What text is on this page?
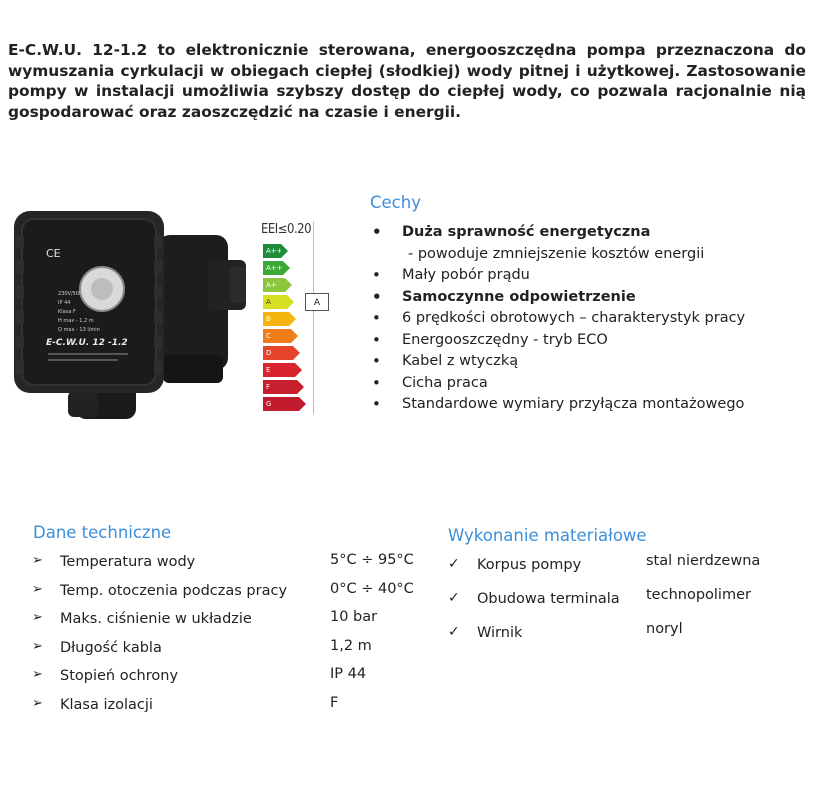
E-C.W.U. 12-1.2 to elektronicznie sterowana, energooszczędna pompa przeznaczona do wymuszania cyrkulacji w obiegach ciepłej (słodkiej) wody pitnej i użytkowej. Zastosowanie pompy w instalacji umożliwia szybszy dostęp do ciepłej wody, co pozwala racjonalnie nią gospodarować oraz zaoszczędzić na czasie i energii.

CE
230V/50Hz
IP 44
Klasa F
H max - 1,2 m
Q max - 13 l/min
E-C.W.U. 12 -1.2
EEI≤0.20
A+++
A++
A+
A
B
C
D
E
F
G
A
Cechy
• Duża sprawność energetyczna
- powoduje zmniejszenie kosztów energii
• Mały pobór prądu
• Samoczynne odpowietrzenie
• 6 prędkości obrotowych – charakterystyk pracy
• Energooszczędny - tryb ECO
• Kabel z wtyczką
• Cicha praca
• Standardowe wymiary przyłącza montażowego
Dane techniczne
➢ Temperatura wody	5°C ÷ 95°C
➢ Temp. otoczenia podczas pracy	0°C ÷ 40°C
➢ Maks. ciśnienie w układzie	10 bar
➢ Długość kabla	1,2 m
➢ Stopień ochrony	IP 44
➢ Klasa izolacji	F
Wykonanie materiałowe
✓ Korpus pompy	stal nierdzewna
✓ Obudowa terminala technopolimer
✓ Wirnik	noryl
